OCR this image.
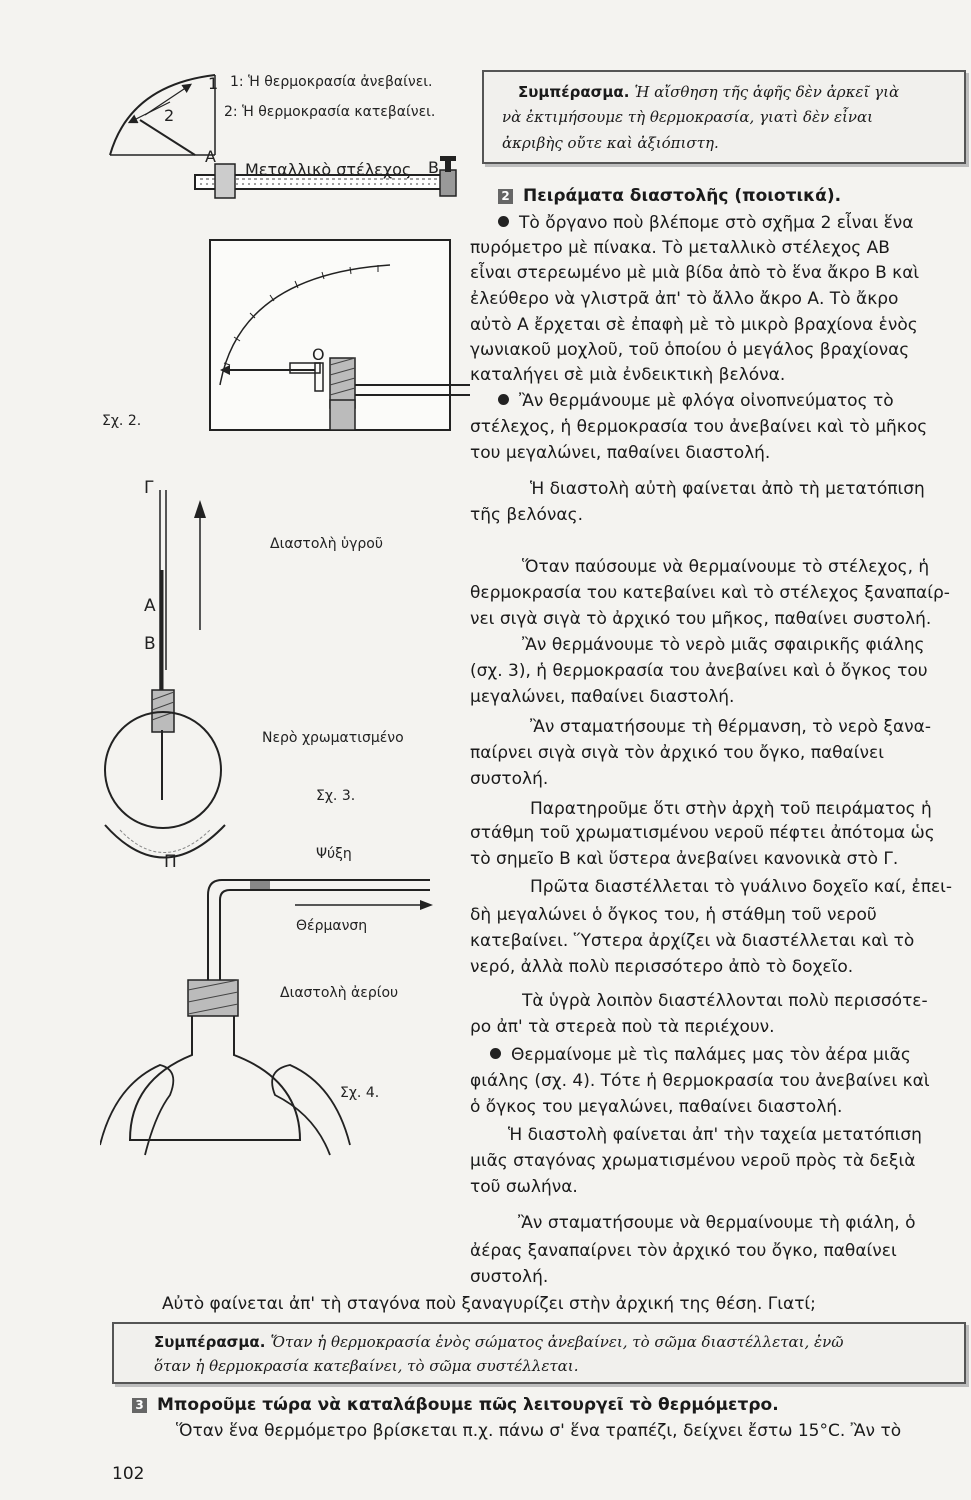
1: Ἡ θερμοκρασία ἀνεβαίνει.
2: Ἡ θερμοκρασία κατεβαίνει.
1
2
A
B
Μεταλλικὸ στέλεχος
O
Σχ. 2.
Διαστολὴ ὑγροῦ
Γ
A
B
Νερὸ χρωματισμένο
Σχ. 3.
Π	Ψύξη
Θέρμανση
Διαστολὴ ἀερίου
Σχ. 4.
Συμπέρασμα. Ἡ αἴσθηση τῆς ἁφῆς δὲν ἀρκεῖ γιὰ
νὰ ἐκτιμήσουμε τὴ θερμοκρασία, γιατὶ δὲν εἶναι
ἀκριβὴς οὔτε καὶ ἀξιόπιστη.
2 Πειράματα διαστολῆς (ποιοτικά).
Τὸ ὄργανο ποὺ βλέπομε στὸ σχῆμα 2 εἶναι ἕνα
πυρόμετρο μὲ πίνακα. Τὸ μεταλλικὸ στέλεχος ΑΒ
εἶναι στερεωμένο μὲ μιὰ βίδα ἀπὸ τὸ ἕνα ἄκρο Β καὶ
ἐλεύθερο νὰ γλιστρᾶ ἀπ' τὸ ἄλλο ἄκρο Α. Τὸ ἄκρο
αὐτὸ Α ἔρχεται σὲ ἐπαφὴ μὲ τὸ μικρὸ βραχίονα ἑνὸς
γωνιακοῦ μοχλοῦ, τοῦ ὁποίου ὁ μεγάλος βραχίονας
καταλήγει σὲ μιὰ ἐνδεικτικὴ βελόνα.
Ἂν θερμάνουμε μὲ φλόγα οἰνοπνεύματος τὸ
στέλεχος, ἡ θερμοκρασία του ἀνεβαίνει καὶ τὸ μῆκος
του μεγαλώνει, παθαίνει διαστολή.
Ἡ διαστολὴ αὐτὴ φαίνεται ἀπὸ τὴ μετατόπιση
τῆς βελόνας.
Ὅταν παύσουμε νὰ θερμαίνουμε τὸ στέλεχος, ἡ
θερμοκρασία του κατεβαίνει καὶ τὸ στέλεχος ξαναπαίρ-
νει σιγὰ σιγὰ τὸ ἀρχικό του μῆκος, παθαίνει συστολή.
Ἂν θερμάνουμε τὸ νερὸ μιᾶς σφαιρικῆς φιάλης
(σχ. 3), ἡ θερμοκρασία του ἀνεβαίνει καὶ ὁ ὄγκος του
μεγαλώνει, παθαίνει διαστολή.
Ἂν σταματήσουμε τὴ θέρμανση, τὸ νερὸ ξανα-
παίρνει σιγὰ σιγὰ τὸν ἀρχικό του ὄγκο, παθαίνει
συστολή.
Παρατηροῦμε ὅτι στὴν ἀρχὴ τοῦ πειράματος ἡ
στάθμη τοῦ χρωματισμένου νεροῦ πέφτει ἀπότομα ὡς
τὸ σημεῖο Β καὶ ὕστερα ἀνεβαίνει κανονικὰ στὸ Γ.
Πρῶτα διαστέλλεται τὸ γυάλινο δοχεῖο καί, ἐπει-
δὴ μεγαλώνει ὁ ὄγκος του, ἡ στάθμη τοῦ νεροῦ
κατεβαίνει. Ὕστερα ἀρχίζει νὰ διαστέλλεται καὶ τὸ
νερό, ἀλλὰ πολὺ περισσότερο ἀπὸ τὸ δοχεῖο.
Τὰ ὑγρὰ λοιπὸν διαστέλλονται πολὺ περισσότε-
ρο ἀπ' τὰ στερεὰ ποὺ τὰ περιέχουν.
Θερμαίνομε μὲ τὶς παλάμες μας τὸν ἀέρα μιᾶς
φιάλης (σχ. 4). Τότε ἡ θερμοκρασία του ἀνεβαίνει καὶ
ὁ ὄγκος του μεγαλώνει, παθαίνει διαστολή.
Ἡ διαστολὴ φαίνεται ἀπ' τὴν ταχεία μετατόπιση
μιᾶς σταγόνας χρωματισμένου νεροῦ πρὸς τὰ δεξιὰ
τοῦ σωλήνα.
Ἂν σταματήσουμε νὰ θερμαίνουμε τὴ φιάλη, ὁ
ἀέρας ξαναπαίρνει τὸν ἀρχικό του ὄγκο, παθαίνει
συστολή.
Αὐτὸ φαίνεται ἀπ' τὴ σταγόνα ποὺ ξαναγυρίζει στὴν ἀρχική της θέση. Γιατί;
Συμπέρασμα. Ὅταν ἡ θερμοκρασία ἑνὸς σώματος ἀνεβαίνει, τὸ σῶμα διαστέλλεται, ἐνῶ
ὅταν ἡ θερμοκρασία κατεβαίνει, τὸ σῶμα συστέλλεται.
3 Μποροῦμε τώρα νὰ καταλάβουμε πῶς λειτουργεῖ τὸ θερμόμετρο.
Ὅταν ἕνα θερμόμετρο βρίσκεται π.χ. πάνω σ' ἕνα τραπέζι, δείχνει ἔστω 15°C. Ἂν τὸ
102
